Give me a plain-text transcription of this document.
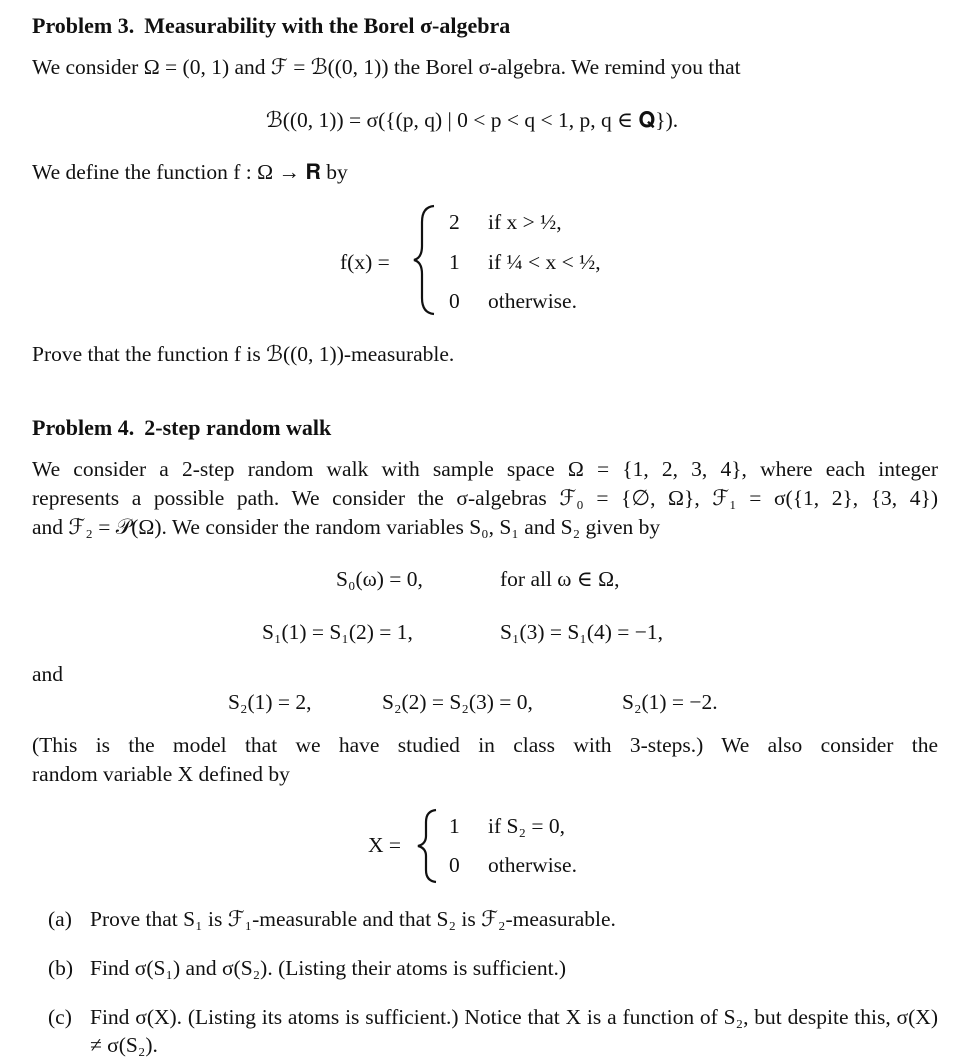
Problem 3. Measurability with the Borel σ-algebra
We consider Ω = (0, 1) and ℱ = ℬ((0, 1)) the Borel σ-algebra. We remind you that
ℬ((0, 1)) = σ({(p, q) | 0 < p < q < 1, p, q ∈ 𝐐}).
We define the function f : Ω → 𝐑 by
f(x) =
2 if x > ½,
1 if ¼ < x < ½,
0 otherwise.
Prove that the function f is ℬ((0, 1))-measurable.
Problem 4. 2-step random walk
We consider a 2-step random walk with sample space Ω = {1, 2, 3, 4}, where each integer
represents a possible path. We consider the σ-algebras ℱ₀ = {∅, Ω}, ℱ₁ = σ({1, 2}, {3, 4})
and ℱ₂ = 𝒫(Ω). We consider the random variables S₀, S₁ and S₂ given by
S₀(ω) = 0,	for all ω ∈ Ω,
S₁(1) = S₁(2) = 1,	S₁(3) = S₁(4) = −1,
and
S₂(1) = 2,	S₂(2) = S₂(3) = 0,	S₂(1) = −2.
(This is the model that we have studied in class with 3-steps.) We also consider the
random variable X defined by
X =
1 if S₂ = 0,
0 otherwise.
(a) Prove that S₁ is ℱ₁-measurable and that S₂ is ℱ₂-measurable.
(b) Find σ(S₁) and σ(S₂). (Listing their atoms is sufficient.)
(c) Find σ(X). (Listing its atoms is sufficient.) Notice that X is a function of S₂, but despite this, σ(X) ≠ σ(S₂).
